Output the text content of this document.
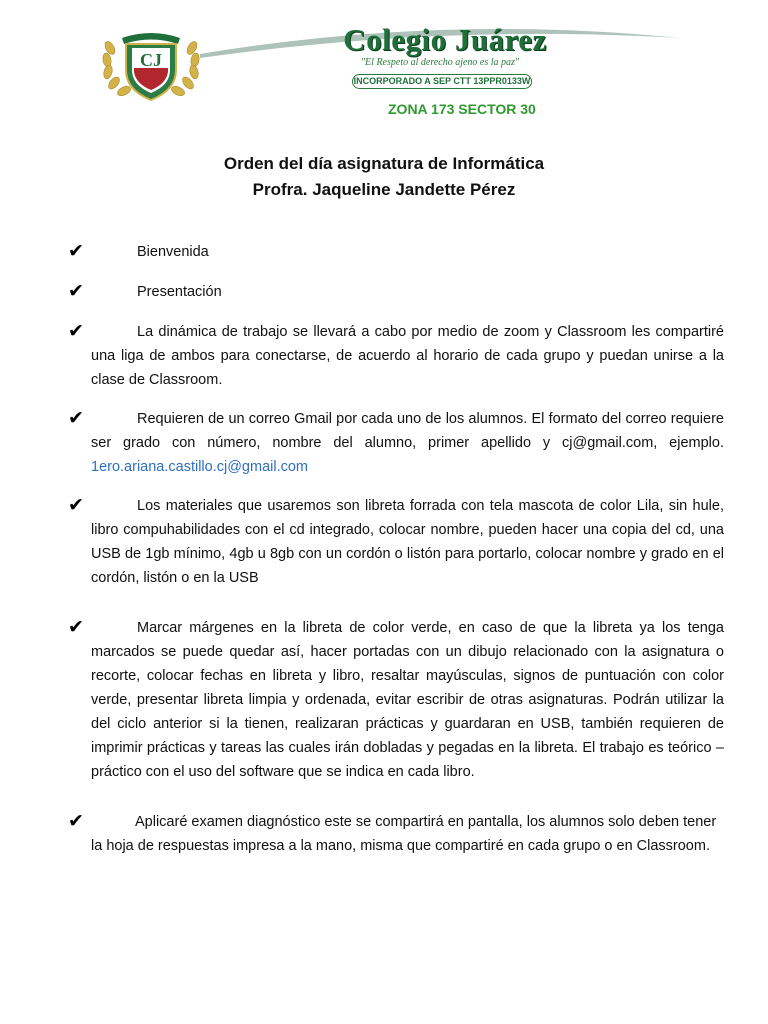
Colegio Juárez
CJ
Colegio Juárez
"El Respeto al derecho ajeno es la paz"
INCORPORADO A SEP CTT 13PPR0133W
ZONA 173 SECTOR 30
Orden del día asignatura de Informática
Profra. Jaqueline Jandette Pérez
✔	Bienvenida
✔	Presentación
✔	La dinámica de trabajo se llevará a cabo por medio de zoom y Classroom les compartiré una liga de ambos para conectarse, de acuerdo al horario de cada grupo y puedan unirse a la clase de Classroom.
✔	Requieren de un correo Gmail por cada uno de los alumnos. El formato del correo requiere ser grado con número, nombre del alumno, primer apellido y cj@gmail.com, ejemplo. 1ero.ariana.castillo.cj@gmail.com
✔	Los materiales que usaremos son libreta forrada con tela mascota de color Lila, sin hule, libro compuhabilidades con el cd integrado, colocar nombre, pueden hacer una copia del cd, una USB de 1gb mínimo, 4gb u 8gb con un cordón o listón para portarlo, colocar nombre y grado en el cordón, listón o en la USB
✔	Marcar márgenes en la libreta de color verde, en caso de que la libreta ya los tenga marcados se puede quedar así, hacer portadas con un dibujo relacionado con la asignatura o recorte, colocar fechas en libreta y libro, resaltar mayúsculas, signos de puntuación con color verde, presentar libreta limpia y ordenada, evitar escribir de otras asignaturas. Podrán utilizar la del ciclo anterior si la tienen, realizaran prácticas y guardaran en USB, también requieren de imprimir prácticas y tareas las cuales irán dobladas y pegadas en la libreta. El trabajo es teórico – práctico con el uso del software que se indica en cada libro.
✔	Aplicaré examen diagnóstico este se compartirá en pantalla, los alumnos solo deben tener la hoja de respuestas impresa a la mano, misma que compartiré en cada grupo o en Classroom.
